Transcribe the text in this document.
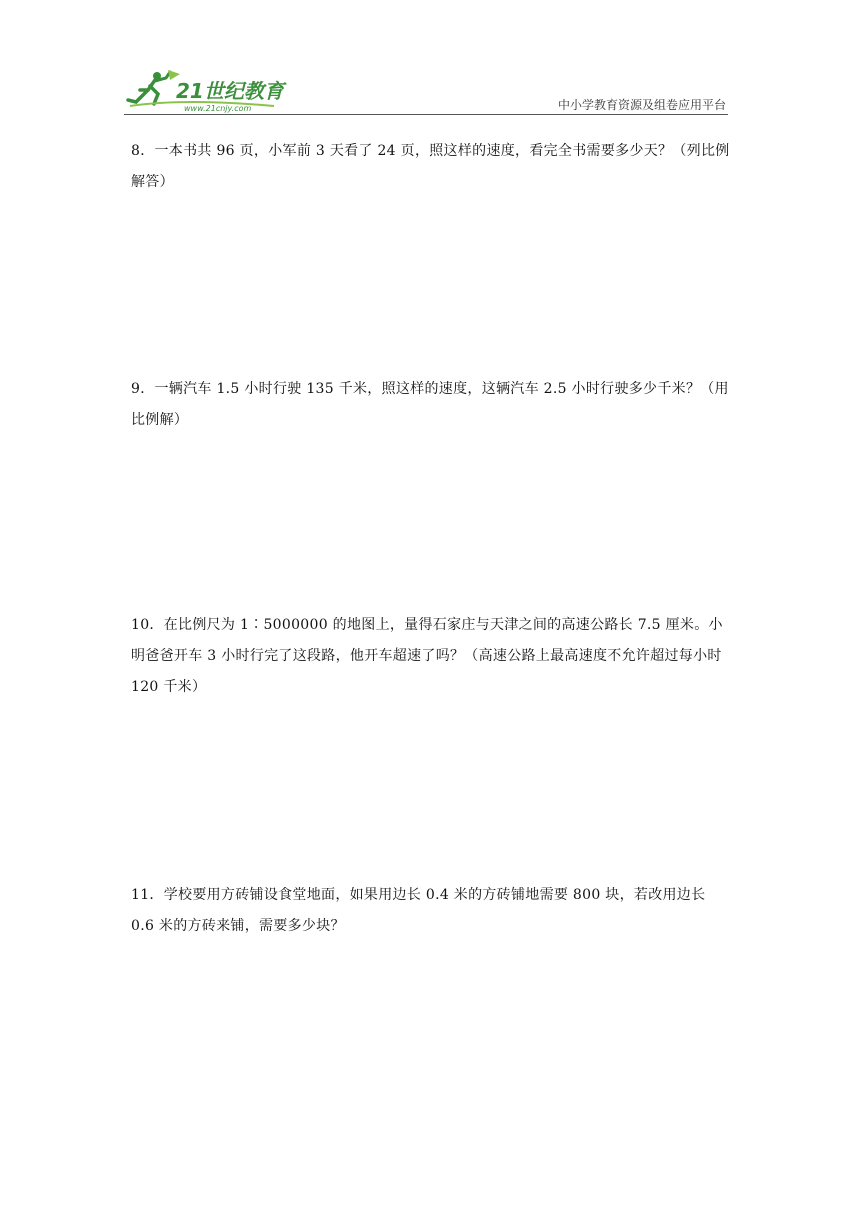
21世纪教育
www.21cnjy.com	中小学教育资源及组卷应用平台
8．一本书共 96 页，小军前 3 天看了 24 页，照这样的速度，看完全书需要多少天？（列比例解答）
9．一辆汽车 1.5 小时行驶 135 千米，照这样的速度，这辆汽车 2.5 小时行驶多少千米？（用比例解）
10．在比例尺为 1∶5000000 的地图上，量得石家庄与天津之间的高速公路长 7.5 厘米。小明爸爸开车 3 小时行完了这段路，他开车超速了吗？（高速公路上最高速度不允许超过每小时 120 千米）
11．学校要用方砖铺设食堂地面，如果用边长 0.4 米的方砖铺地需要 800 块，若改用边长 0.6 米的方砖来铺，需要多少块？
